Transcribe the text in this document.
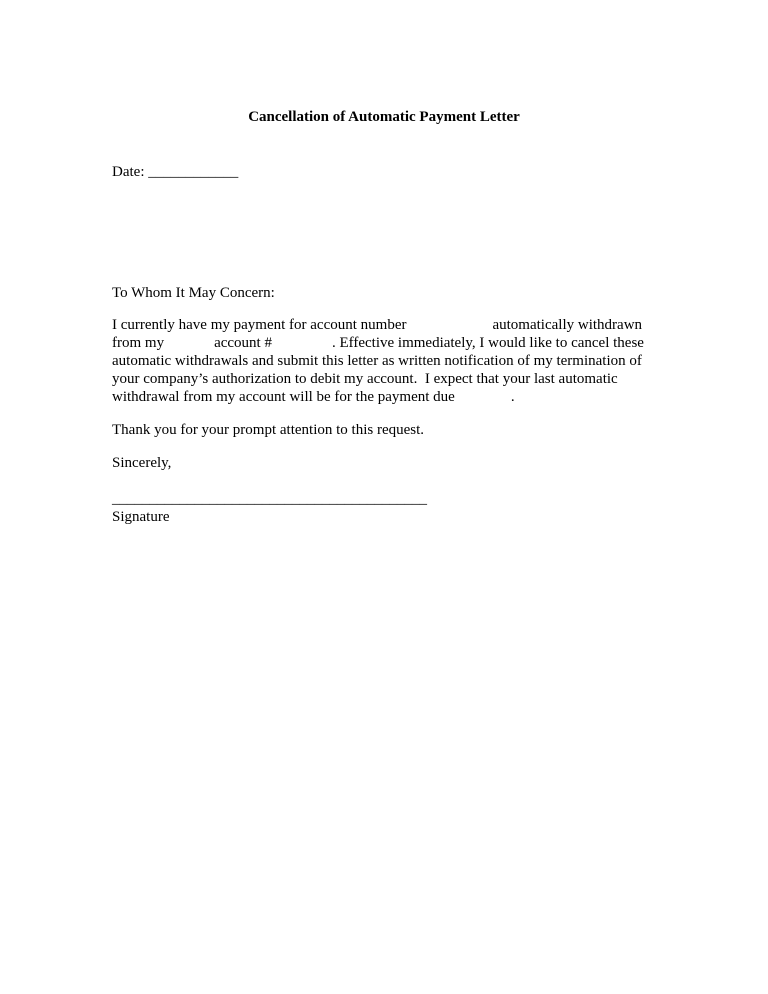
Cancellation of Automatic Payment Letter
Date: ____________
To Whom It May Concern:
I currently have my payment for account number	automatically withdrawn
from my	account #	. Effective immediately, I would like to cancel these
automatic withdrawals and submit this letter as written notification of my termination of
your company’s authorization to debit my account.  I expect that your last automatic
withdrawal from my account will be for the payment due	.
Thank you for your prompt attention to this request.
Sincerely,
__________________________________________
Signature
